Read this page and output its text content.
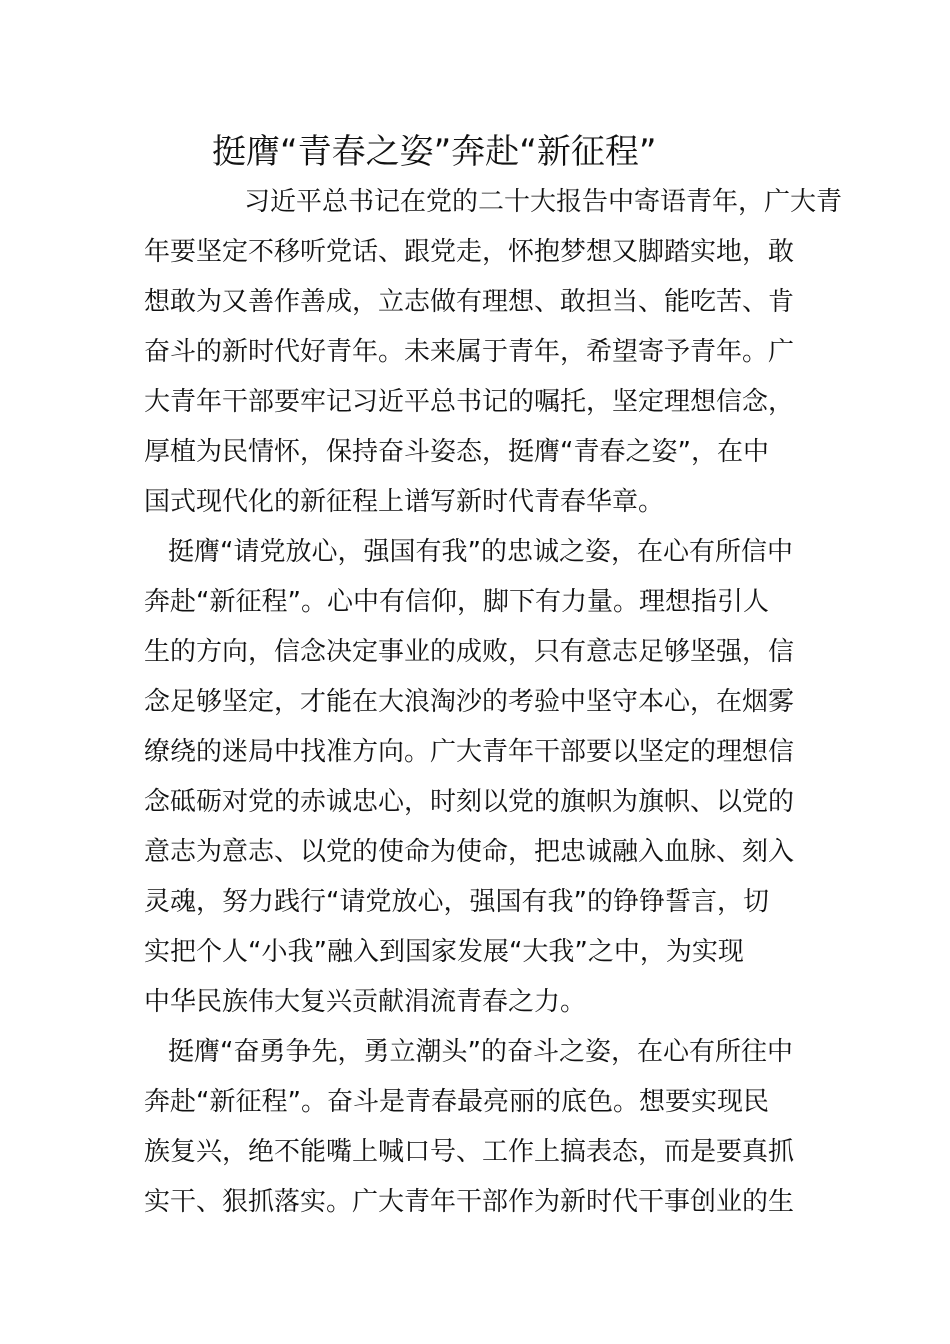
挺膺“青春之姿”奔赴“新征程”
　习近平总书记在党的二十大报告中寄语青年，广大青
年要坚定不移听党话、跟党走，怀抱梦想又脚踏实地，敢
想敢为又善作善成，立志做有理想、敢担当、能吃苦、肯
奋斗的新时代好青年。未来属于青年，希望寄予青年。广
大青年干部要牢记习近平总书记的嘱托，坚定理想信念，
厚植为民情怀，保持奋斗姿态，挺膺“青春之姿”，在中
国式现代化的新征程上谱写新时代青春华章。
挺膺“请党放心，强国有我”的忠诚之姿，在心有所信中
奔赴“新征程”。心中有信仰，脚下有力量。理想指引人
生的方向，信念决定事业的成败，只有意志足够坚强，信
念足够坚定，才能在大浪淘沙的考验中坚守本心，在烟雾
缭绕的迷局中找准方向。广大青年干部要以坚定的理想信
念砥砺对党的赤诚忠心，时刻以党的旗帜为旗帜、以党的
意志为意志、以党的使命为使命，把忠诚融入血脉、刻入
灵魂，努力践行“请党放心，强国有我”的铮铮誓言，切
实把个人“小我”融入到国家发展“大我”之中，为实现
中华民族伟大复兴贡献涓流青春之力。
挺膺“奋勇争先，勇立潮头”的奋斗之姿，在心有所往中
奔赴“新征程”。奋斗是青春最亮丽的底色。想要实现民
族复兴，绝不能嘴上喊口号、工作上搞表态，而是要真抓
实干、狠抓落实。广大青年干部作为新时代干事创业的生
